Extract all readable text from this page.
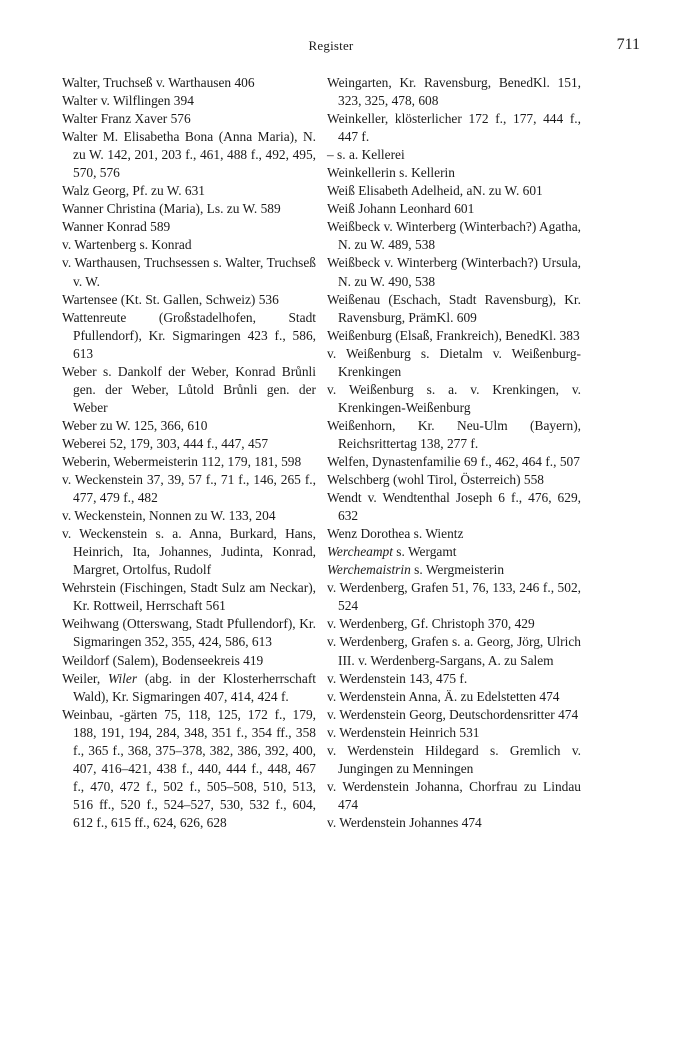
Register	711
Walter, Truchseß v. Warthausen 406
Walter v. Wilflingen 394
Walter Franz Xaver 576
Walter M. Elisabetha Bona (Anna Maria), N. zu W. 142, 201, 203 f., 461, 488 f., 492, 495, 570, 576
Walz Georg, Pf. zu W. 631
Wanner Christina (Maria), Ls. zu W. 589
Wanner Konrad 589
v. Wartenberg s. Konrad
v. Warthausen, Truchsessen s. Walter, Truchseß v. W.
Wartensee (Kt. St. Gallen, Schweiz) 536
Wattenreute (Großstadelhofen, Stadt Pfullendorf), Kr. Sigmaringen 423 f., 586, 613
Weber s. Dankolf der Weber, Konrad Brůnli gen. der Weber, Lůtold Brůnli gen. der Weber
Weber zu W. 125, 366, 610
Weberei 52, 179, 303, 444 f., 447, 457
Weberin, Webermeisterin 112, 179, 181, 598
v. Weckenstein 37, 39, 57 f., 71 f., 146, 265 f., 477, 479 f., 482
v. Weckenstein, Nonnen zu W. 133, 204
v. Weckenstein s. a. Anna, Burkard, Hans, Heinrich, Ita, Johannes, Judinta, Konrad, Margret, Ortolfus, Rudolf
Wehrstein (Fischingen, Stadt Sulz am Neckar), Kr. Rottweil, Herrschaft 561
Weihwang (Otterswang, Stadt Pfullendorf), Kr. Sigmaringen 352, 355, 424, 586, 613
Weildorf (Salem), Bodenseekreis 419
Weiler, Wiler (abg. in der Klosterherrschaft Wald), Kr. Sigmaringen 407, 414, 424 f.
Weinbau, -gärten 75, 118, 125, 172 f., 179, 188, 191, 194, 284, 348, 351 f., 354 ff., 358 f., 365 f., 368, 375–378, 382, 386, 392, 400, 407, 416–421, 438 f., 440, 444 f., 448, 467 f., 470, 472 f., 502 f., 505–508, 510, 513, 516 ff., 520 f., 524–527, 530, 532 f., 604, 612 f., 615 ff., 624, 626, 628
Weingarten, Kr. Ravensburg, BenedKl. 151, 323, 325, 478, 608
Weinkeller, klösterlicher 172 f., 177, 444 f., 447 f.
– s. a. Kellerei
Weinkellerin s. Kellerin
Weiß Elisabeth Adelheid, aN. zu W. 601
Weiß Johann Leonhard 601
Weißbeck v. Winterberg (Winterbach?) Agatha, N. zu W. 489, 538
Weißbeck v. Winterberg (Winterbach?) Ursula, N. zu W. 490, 538
Weißenau (Eschach, Stadt Ravensburg), Kr. Ravensburg, PrämKl. 609
Weißenburg (Elsaß, Frankreich), BenedKl. 383
v. Weißenburg s. Dietalm v. Weißenburg-Krenkingen
v. Weißenburg s. a. v. Krenkingen, v. Krenkingen-Weißenburg
Weißenhorn, Kr. Neu-Ulm (Bayern), Reichsrittertag 138, 277 f.
Welfen, Dynastenfamilie 69 f., 462, 464 f., 507
Welschberg (wohl Tirol, Österreich) 558
Wendt v. Wendtenthal Joseph 6 f., 476, 629, 632
Wenz Dorothea s. Wientz
Wercheampt s. Wergamt
Werchemaistrin s. Wergmeisterin
v. Werdenberg, Grafen 51, 76, 133, 246 f., 502, 524
v. Werdenberg, Gf. Christoph 370, 429
v. Werdenberg, Grafen s. a. Georg, Jörg, Ulrich III. v. Werdenberg-Sargans, A. zu Salem
v. Werdenstein 143, 475 f.
v. Werdenstein Anna, Ä. zu Edelstetten 474
v. Werdenstein Georg, Deutschordensritter 474
v. Werdenstein Heinrich 531
v. Werdenstein Hildegard s. Gremlich v. Jungingen zu Menningen
v. Werdenstein Johanna, Chorfrau zu Lindau 474
v. Werdenstein Johannes 474
